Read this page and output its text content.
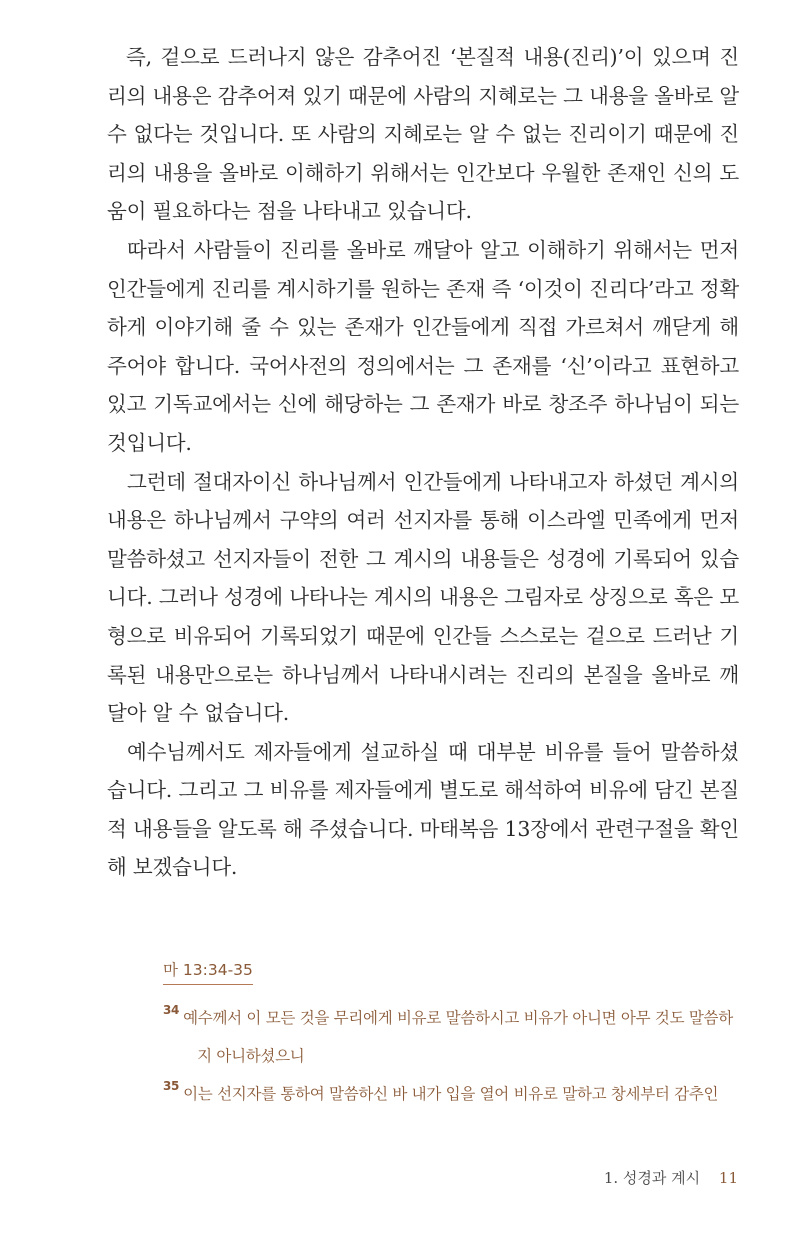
즉, 겉으로 드러나지 않은 감추어진 ‘본질적 내용(진리)’이 있으며 진리의 내용은 감추어져 있기 때문에 사람의 지혜로는 그 내용을 올바로 알 수 없다는 것입니다. 또 사람의 지혜로는 알 수 없는 진리이기 때문에 진리의 내용을 올바로 이해하기 위해서는 인간보다 우월한 존재인 신의 도움이 필요하다는 점을 나타내고 있습니다.

따라서 사람들이 진리를 올바로 깨달아 알고 이해하기 위해서는 먼저 인간들에게 진리를 계시하기를 원하는 존재 즉 ‘이것이 진리다’라고 정확하게 이야기해 줄 수 있는 존재가 인간들에게 직접 가르쳐서 깨닫게 해 주어야 합니다. 국어사전의 정의에서는 그 존재를 ‘신’이라고 표현하고 있고 기독교에서는 신에 해당하는 그 존재가 바로 창조주 하나님이 되는 것입니다.

그런데 절대자이신 하나님께서 인간들에게 나타내고자 하셨던 계시의 내용은 하나님께서 구약의 여러 선지자를 통해 이스라엘 민족에게 먼저 말씀하셨고 선지자들이 전한 그 계시의 내용들은 성경에 기록되어 있습니다. 그러나 성경에 나타나는 계시의 내용은 그림자로 상징으로 혹은 모형으로 비유되어 기록되었기 때문에 인간들 스스로는 겉으로 드러난 기록된 내용만으로는 하나님께서 나타내시려는 진리의 본질을 올바로 깨달아 알 수 없습니다.

예수님께서도 제자들에게 설교하실 때 대부분 비유를 들어 말씀하셨습니다. 그리고 그 비유를 제자들에게 별도로 해석하여 비유에 담긴 본질적 내용들을 알도록 해 주셨습니다. 마태복음 13장에서 관련구절을 확인해 보겠습니다.

마 13:34-35
34 예수께서 이 모든 것을 무리에게 비유로 말씀하시고 비유가 아니면 아무 것도 말씀하
지 아니하셨으니
35 이는 선지자를 통하여 말씀하신 바 내가 입을 열어 비유로 말하고 창세부터 감추인
1. 성경과 계시 11
